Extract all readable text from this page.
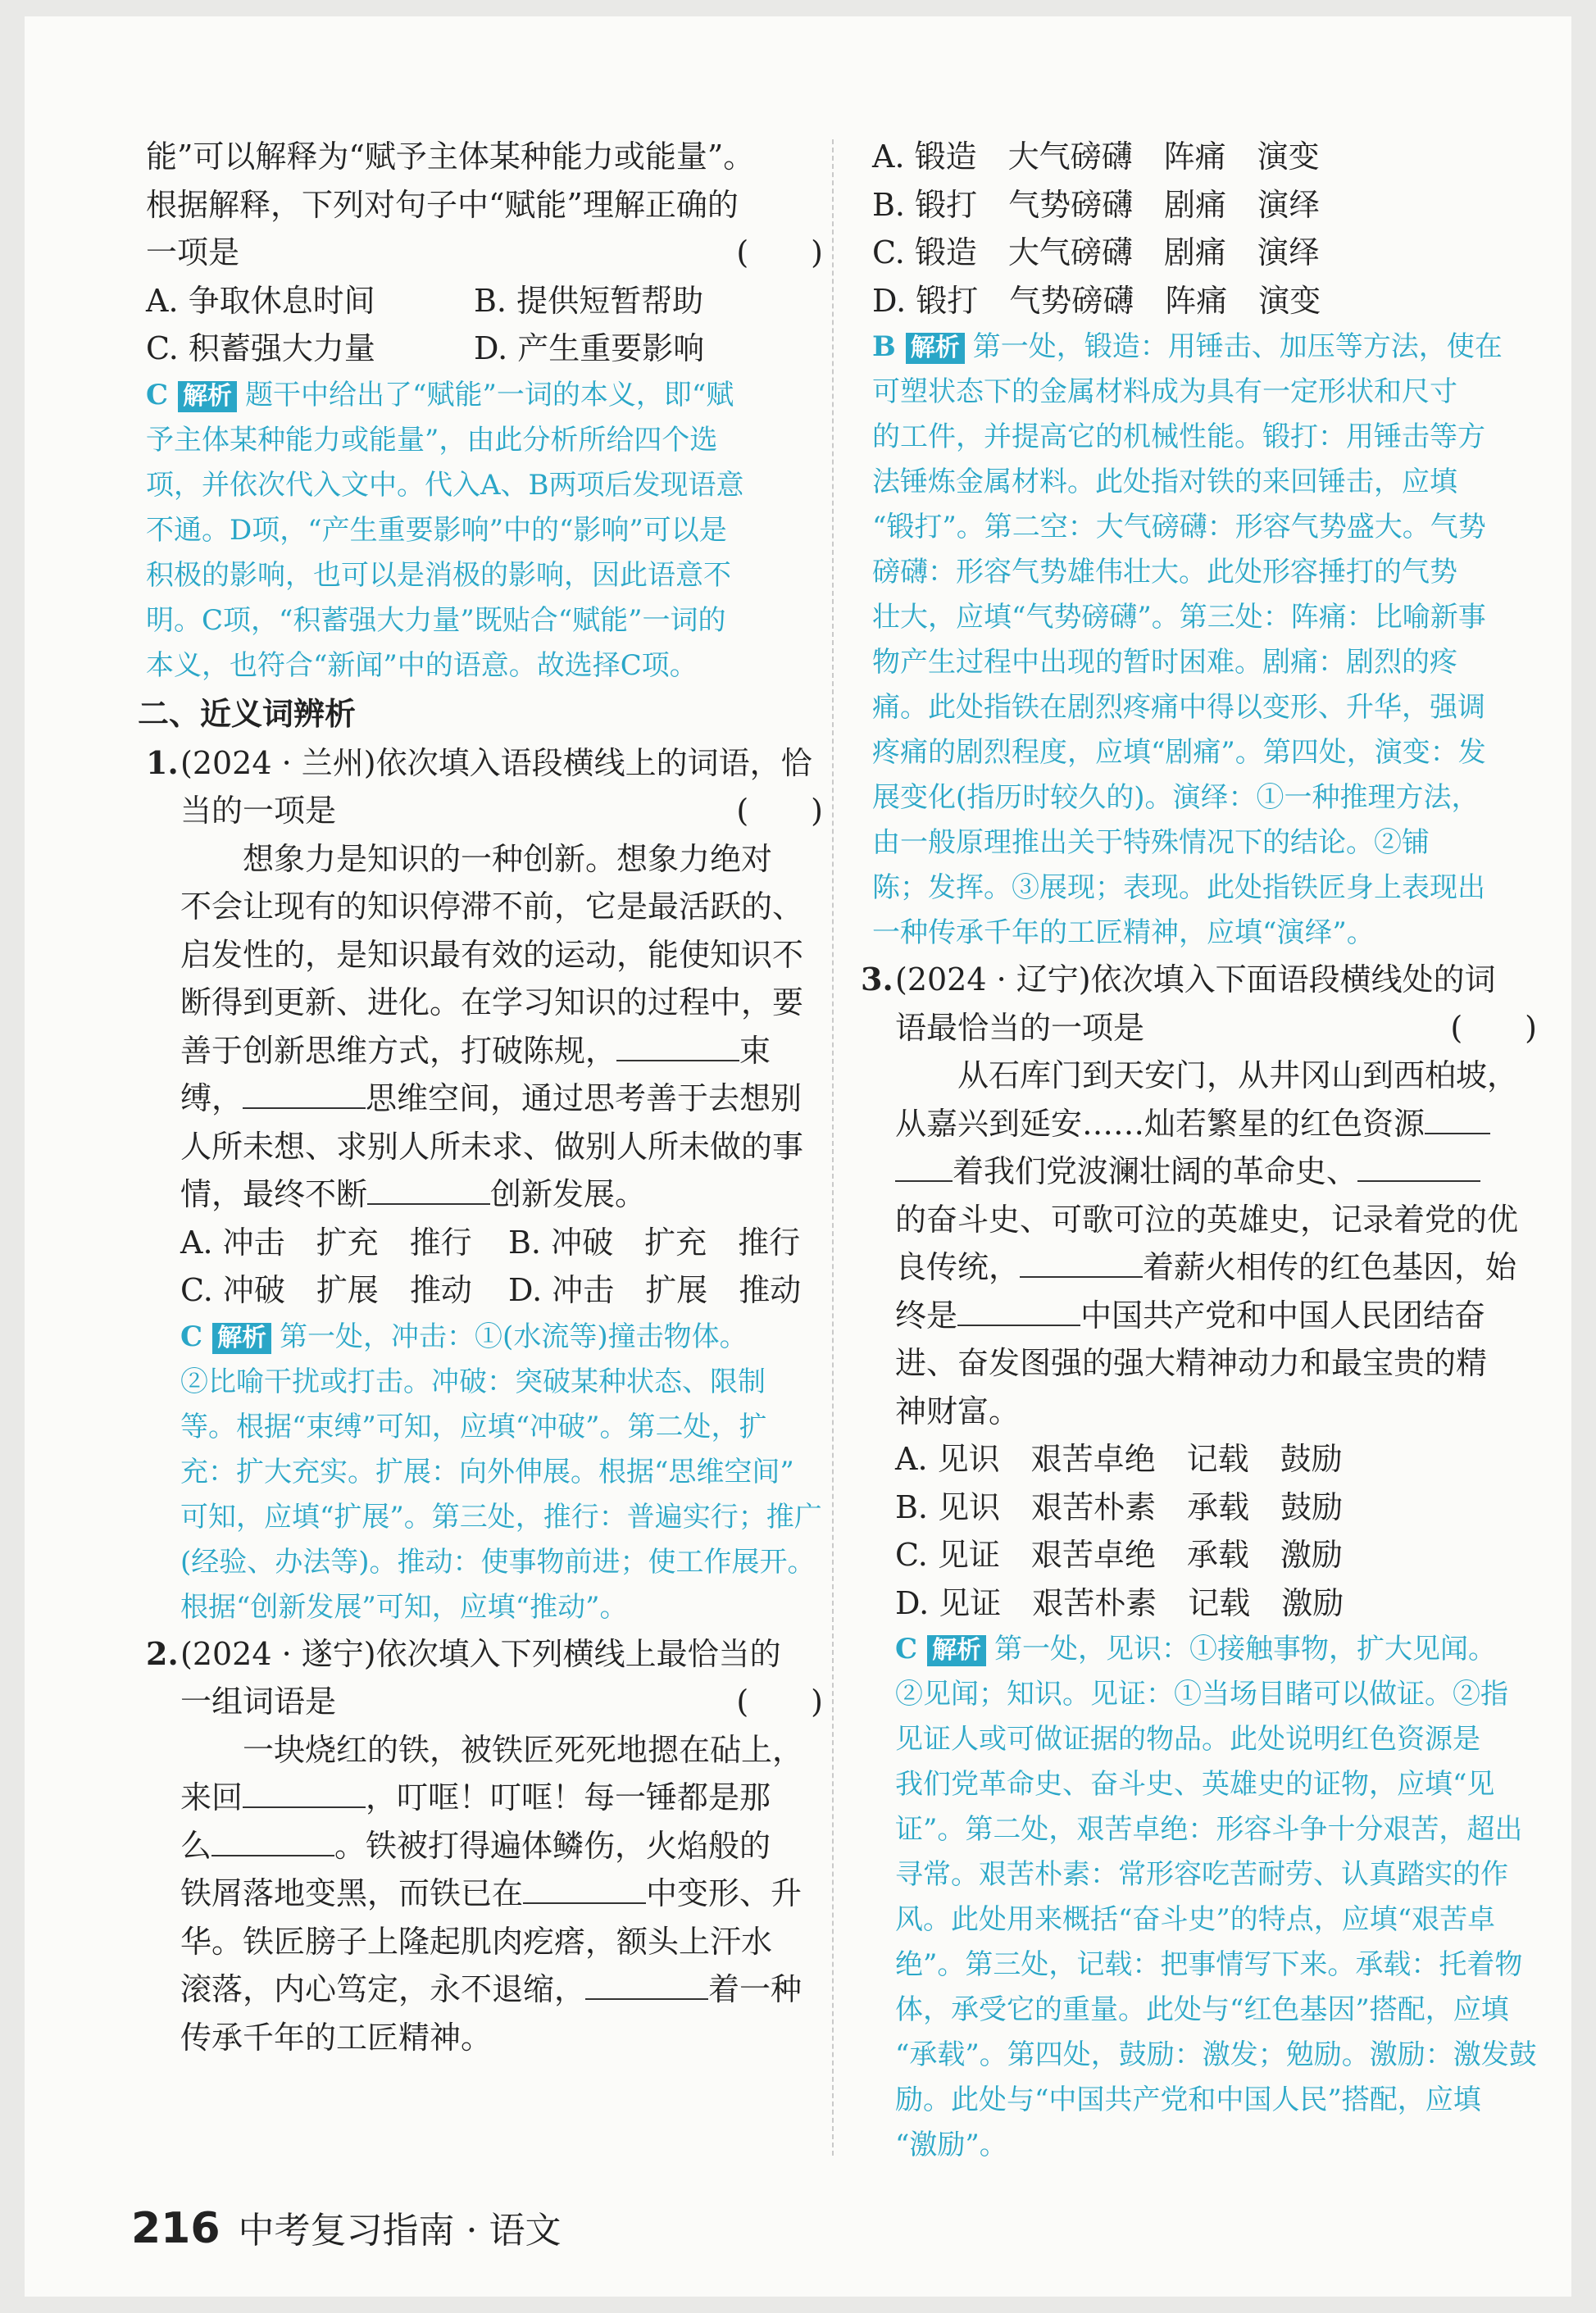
能”可以解释为“赋予主体某种能力或能量”。
根据解释，下列对句子中“赋能”理解正确的
一项是	(　　)
A. 争取休息时间	B. 提供短暂帮助
C. 积蓄强大力量	D. 产生重要影响
C 解析 题干中给出了“赋能”一词的本义，即“赋
予主体某种能力或能量”，由此分析所给四个选
项，并依次代入文中。代入A、B两项后发现语意
不通。D项，“产生重要影响”中的“影响”可以是
积极的影响，也可以是消极的影响，因此语意不
明。C项，“积蓄强大力量”既贴合“赋能”一词的
本义，也符合“新闻”中的语意。故选择C项。
二、近义词辨析
1. (2024 · 兰州)依次填入语段横线上的词语，恰
当的一项是	(　　)
想象力是知识的一种创新。想象力绝对
不会让现有的知识停滞不前，它是最活跃的、
启发性的，是知识最有效的运动，能使知识不
断得到更新、进化。在学习知识的过程中，要
善于创新思维方式，打破陈规，	束
缚，	思维空间，通过思考善于去想别
人所未想、求别人所未求、做别人所未做的事
情，最终不断	创新发展。
A. 冲击　扩充　推行	B. 冲破　扩充　推行
C. 冲破　扩展　推动	D. 冲击　扩展　推动
C 解析 第一处，冲击：①(水流等)撞击物体。
②比喻干扰或打击。冲破：突破某种状态、限制
等。根据“束缚”可知，应填“冲破”。第二处，扩
充：扩大充实。扩展：向外伸展。根据“思维空间”
可知，应填“扩展”。第三处，推行：普遍实行；推广
(经验、办法等)。推动：使事物前进；使工作展开。
根据“创新发展”可知，应填“推动”。
2. (2024 · 遂宁)依次填入下列横线上最恰当的
一组词语是	(　　)
一块烧红的铁，被铁匠死死地摁在砧上，
来回	，叮哐！叮哐！每一锤都是那
么	。铁被打得遍体鳞伤，火焰般的
铁屑落地变黑，而铁已在	中变形、升
华。铁匠膀子上隆起肌肉疙瘩，额头上汗水
滚落，内心笃定，永不退缩，	着一种
传承千年的工匠精神。
A. 锻造　大气磅礴　阵痛　演变
B. 锻打　气势磅礴　剧痛　演绎
C. 锻造　大气磅礴　剧痛　演绎
D. 锻打　气势磅礴　阵痛　演变
B 解析 第一处，锻造：用锤击、加压等方法，使在
可塑状态下的金属材料成为具有一定形状和尺寸
的工件，并提高它的机械性能。锻打：用锤击等方
法锤炼金属材料。此处指对铁的来回锤击，应填
“锻打”。第二空：大气磅礴：形容气势盛大。气势
磅礴：形容气势雄伟壮大。此处形容捶打的气势
壮大，应填“气势磅礴”。第三处：阵痛：比喻新事
物产生过程中出现的暂时困难。剧痛：剧烈的疼
痛。此处指铁在剧烈疼痛中得以变形、升华，强调
疼痛的剧烈程度，应填“剧痛”。第四处，演变：发
展变化(指历时较久的)。演绎：①一种推理方法，
由一般原理推出关于特殊情况下的结论。②铺
陈；发挥。③展现；表现。此处指铁匠身上表现出
一种传承千年的工匠精神，应填“演绎”。
3. (2024 · 辽宁)依次填入下面语段横线处的词
语最恰当的一项是	(　　)
从石库门到天安门，从井冈山到西柏坡，
从嘉兴到延安……灿若繁星的红色资源
着我们党波澜壮阔的革命史、
的奋斗史、可歌可泣的英雄史，记录着党的优
良传统，	着薪火相传的红色基因，始
终是	中国共产党和中国人民团结奋
进、奋发图强的强大精神动力和最宝贵的精
神财富。
A. 见识　艰苦卓绝　记载　鼓励
B. 见识　艰苦朴素　承载　鼓励
C. 见证　艰苦卓绝　承载　激励
D. 见证　艰苦朴素　记载　激励
C 解析 第一处，见识：①接触事物，扩大见闻。
②见闻；知识。见证：①当场目睹可以做证。②指
见证人或可做证据的物品。此处说明红色资源是
我们党革命史、奋斗史、英雄史的证物，应填“见
证”。第二处，艰苦卓绝：形容斗争十分艰苦，超出
寻常。艰苦朴素：常形容吃苦耐劳、认真踏实的作
风。此处用来概括“奋斗史”的特点，应填“艰苦卓
绝”。第三处，记载：把事情写下来。承载：托着物
体，承受它的重量。此处与“红色基因”搭配，应填
“承载”。第四处，鼓励：激发；勉励。激励：激发鼓
励。此处与“中国共产党和中国人民”搭配，应填
“激励”。
216 中考复习指南 · 语文
